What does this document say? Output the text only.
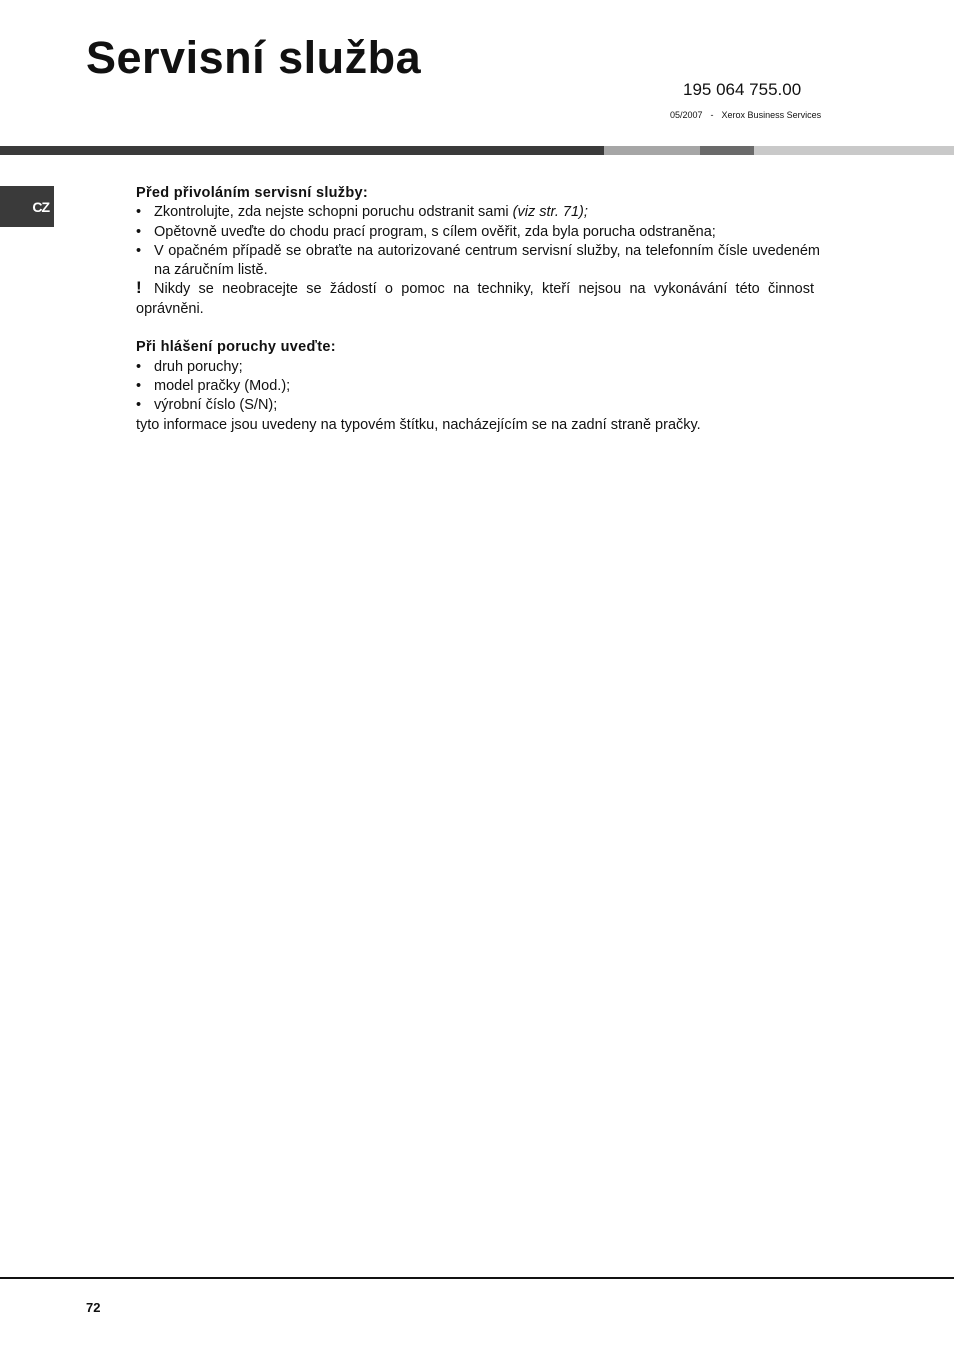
Servisní služba
195 064 755.00
05/2007 - Xerox Business Services
CZ

Před přivoláním servisní služby:

• Zkontrolujte, zda nejste schopni poruchu odstranit sami (viz str. 71);
• Opětovně uveďte do chodu prací program, s cílem ověřit, zda byla porucha odstraněna;
• V opačném případě se obraťte na autorizované centrum servisní služby, na telefonním čísle uvedeném na záručním listě.

! Nikdy se neobracejte se žádostí o pomoc na techniky, kteří nejsou na vykonávání této činnost oprávněni.

Při hlášení poruchy uveďte:

• druh poruchy;
• model pračky (Mod.);
• výrobní číslo (S/N);

tyto informace jsou uvedeny na typovém štítku, nacházejícím se na zadní straně pračky.

72
